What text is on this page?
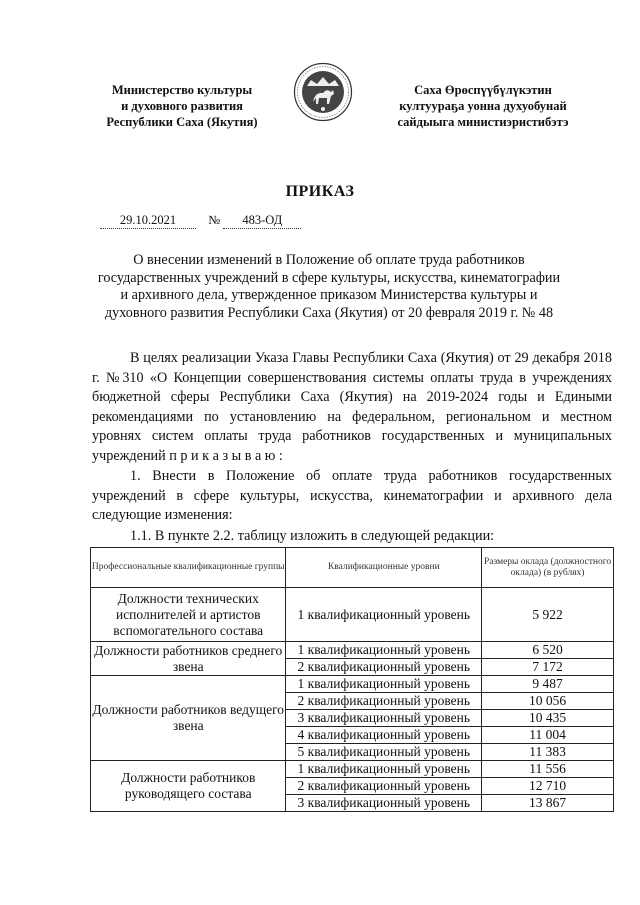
Министерство культуры
и духовного развития
Республики Саха (Якутия)
Саха Өрөспүүбүлүкэтин
култуураҕа уонна духуобунай
сайдыыга министиэристибэтэ
ПРИКАЗ
29.10.2021	№ 483-ОД
О внесении изменений в Положение об оплате труда работников государственных учреждений в сфере культуры, искусства, кинематографии и архивного дела, утвержденное приказом Министерства культуры и духовного развития Республики Саха (Якутия) от 20 февраля 2019 г. № 48
В целях реализации Указа Главы Республики Саха (Якутия) от 29 декабря 2018 г. №310 «О Концепции совершенствования системы оплаты труда в учреждениях бюджетной сферы Республики Саха (Якутия) на 2019-2024 годы и Едиными рекомендациями по установлению на федеральном, региональном и местном уровнях систем оплаты труда работников государственных и муниципальных учреждений п р и к а з ы в а ю :
1. Внести в Положение об оплате труда работников государственных учреждений в сфере культуры, искусства, кинематографии и архивного дела следующие изменения:
1.1. В пункте 2.2. таблицу изложить в следующей редакции:
Профессиональные квалификационные группы	Квалификационные уровни	Размеры оклада (должностного оклада) (в рублях)
Должности технических исполнителей и артистов вспомогательного состава	1 квалификационный уровень	5 922
Должности работников среднего звена	1 квалификационный уровень	6 520
	2 квалификационный уровень	7 172
Должности работников ведущего звена	1 квалификационный уровень	9 487
	2 квалификационный уровень	10 056
	3 квалификационный уровень	10 435
	4 квалификационный уровень	11 004
	5 квалификационный уровень	11 383
Должности работников руководящего состава	1 квалификационный уровень	11 556
	2 квалификационный уровень	12 710
	3 квалификационный уровень	13 867
